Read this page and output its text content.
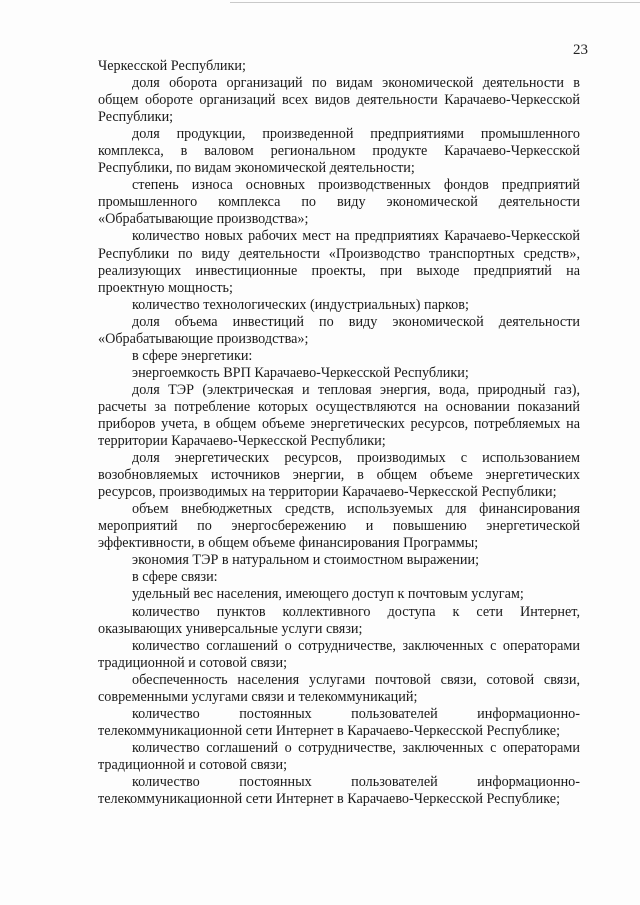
23

Черкесской Республики;

доля оборота организаций по видам экономической деятельности в общем обороте организаций всех видов деятельности Карачаево-Черкесской Республики;

доля продукции, произведенной предприятиями промышленного комплекса, в валовом региональном продукте Карачаево-Черкесской Республики, по видам экономической деятельности;

степень износа основных производственных фондов предприятий промышленного комплекса по виду экономической деятельности «Обрабатывающие производства»;

количество новых рабочих мест на предприятиях Карачаево-Черкесской Республики по виду деятельности «Производство транспортных средств», реализующих инвестиционные проекты, при выходе предприятий на проектную мощность;

количество технологических (индустриальных) парков;

доля объема инвестиций по виду экономической деятельности «Обрабатывающие производства»;

в сфере энергетики:

энергоемкость ВРП Карачаево-Черкесской Республики;

доля ТЭР (электрическая и тепловая энергия, вода, природный газ), расчеты за потребление которых осуществляются на основании показаний приборов учета, в общем объеме энергетических ресурсов, потребляемых на территории Карачаево-Черкесской Республики;

доля энергетических ресурсов, производимых с использованием возобновляемых источников энергии, в общем объеме энергетических ресурсов, производимых на территории Карачаево-Черкесской Республики;

объем внебюджетных средств, используемых для финансирования мероприятий по энергосбережению и повышению энергетической эффективности, в общем объеме финансирования Программы;

экономия ТЭР в натуральном и стоимостном выражении;

в сфере связи:

удельный вес населения, имеющего доступ к почтовым услугам;

количество пунктов коллективного доступа к сети Интернет, оказывающих универсальные услуги связи;

количество соглашений о сотрудничестве, заключенных с операторами традиционной и сотовой связи;

обеспеченность населения услугами почтовой связи, сотовой связи, современными услугами связи и телекоммуникаций;

количество постоянных пользователей информационно-телекоммуникационной сети Интернет в Карачаево-Черкесской Республике;

количество соглашений о сотрудничестве, заключенных с операторами традиционной и сотовой связи;

количество постоянных пользователей информационно-телекоммуникационной сети Интернет в Карачаево-Черкесской Республике;
